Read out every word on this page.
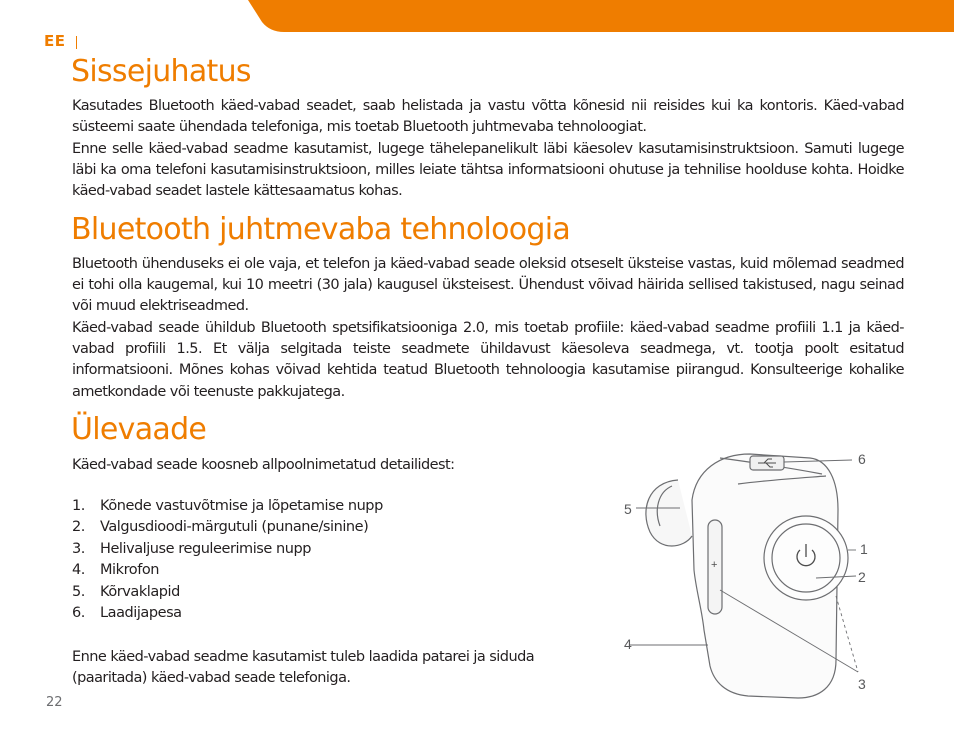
EE
Sissejuhatus

Kasutades Bluetooth käed-vabad seadet, saab helistada ja vastu võtta kõnesid nii reisides kui ka kontoris. Käed-vabad süsteemi saate ühendada telefoniga, mis toetab Bluetooth juhtmevaba tehnoloogiat.

Enne selle käed-vabad seadme kasutamist, lugege tähelepanelikult läbi käesolev kasutamisinstruktsioon. Samuti lugege läbi ka oma telefoni kasutamisinstruktsioon, milles leiate tähtsa informatsiooni ohutuse ja tehnilise hoolduse kohta. Hoidke käed-vabad seadet lastele kättesaamatus kohas.

Bluetooth juhtmevaba tehnoloogia

Bluetooth ühenduseks ei ole vaja, et telefon ja käed-vabad seade oleksid otseselt üksteise vastas, kuid mõlemad seadmed ei tohi olla kaugemal, kui 10 meetri (30 jala) kaugusel üksteisest. Ühendust võivad häirida sellised takistused, nagu seinad või muud elektriseadmed.

Käed-vabad seade ühildub Bluetooth spetsifikatsiooniga 2.0, mis toetab profiile: käed-vabad seadme profiili 1.1 ja käed-vabad profiili 1.5. Et välja selgitada teiste seadmete ühildavust käesoleva seadmega, vt. tootja poolt esitatud informatsiooni. Mõnes kohas võivad kehtida teatud Bluetooth tehnoloogia kasutamise piirangud. Konsulteerige kohalike ametkondade või teenuste pakkujatega.

Ülevaade

Käed-vabad seade koosneb allpoolnimetatud detailidest:

1. Kõnede vastuvõtmise ja lõpetamise nupp
2. Valgusdioodi-märgutuli (punane/sinine)
3. Helivaljuse reguleerimise nupp
4. Mikrofon
5. Kõrvaklapid
6. Laadijapesa

Enne käed-vabad seadme kasutamist tuleb laadida patarei ja siduda (paaritada) käed-vabad seade telefoniga.

+
6
5
1
2
4
3
22
